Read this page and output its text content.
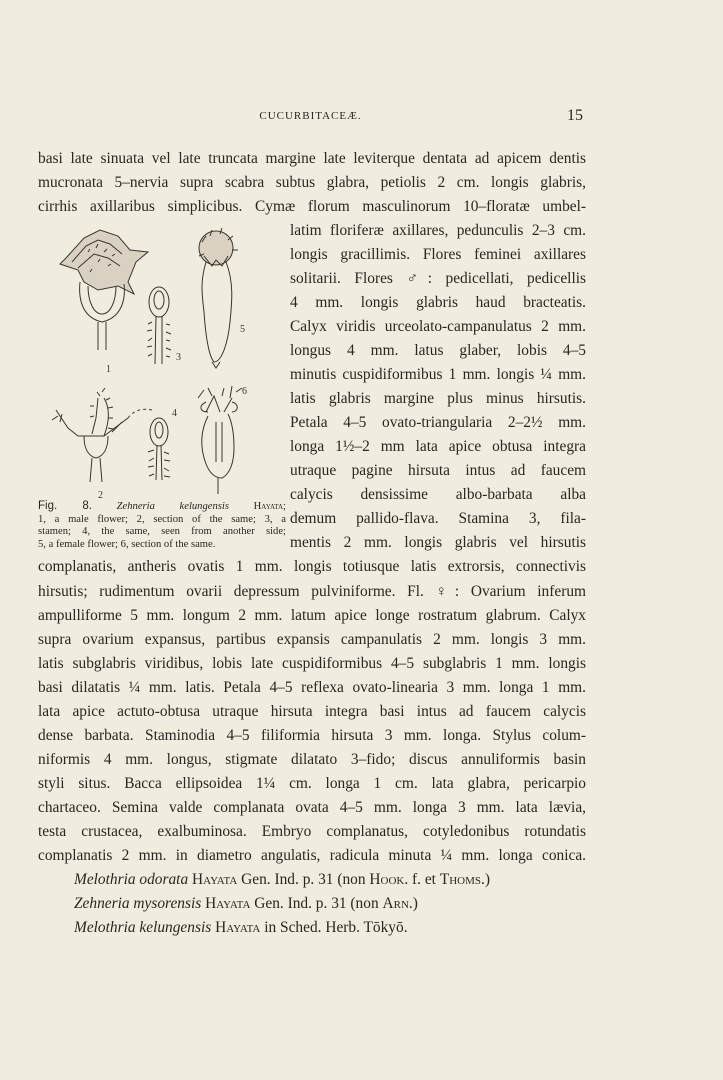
CUCURBITACEÆ.	15
basi late sinuata vel late truncata margine late leviterque dentata ad apicem dentis
mucronata 5–nervia supra scabra subtus glabra, petiolis 2 cm. longis glabris,
cirrhis axillaribus simplicibus. Cymæ florum masculinorum 10–floratæ umbel-
1
2
3
4
5
6
Fig. 8. Zehneria kelungensis Hayata;
1, a male flower; 2, section of the same; 3, a
stamen; 4, the same, seen from another side;
5, a female flower; 6, section of the same.
latim floriferæ axillares, pedunculis 2–3 cm.
longis gracillimis. Flores feminei axillares
solitarii. Flores ♂: pedicellati, pedicellis
4 mm. longis glabris haud bracteatis.
Calyx viridis urceolato-campanulatus 2 mm.
longus 4 mm. latus glaber, lobis 4–5
minutis cuspidiformibus 1 mm. longis ¼ mm.
latis glabris margine plus minus hirsutis.
Petala 4–5 ovato-triangularia 2–2½ mm.
longa 1½–2 mm lata apice obtusa integra
utraque pagine hirsuta intus ad faucem
calycis densissime albo-barbata alba
demum pallido-flava. Stamina 3, fila-
mentis 2 mm. longis glabris vel hirsutis
complanatis, antheris ovatis 1 mm. longis totiusque latis extrorsis, connectivis
hirsutis; rudimentum ovarii depressum pulviniforme. Fl. ♀: Ovarium inferum
ampulliforme 5 mm. longum 2 mm. latum apice longe rostratum glabrum. Calyx
supra ovarium expansus, partibus expansis campanulatis 2 mm. longis 3 mm.
latis subglabris viridibus, lobis late cuspidiformibus 4–5 subglabris 1 mm. longis
basi dilatatis ¼ mm. latis. Petala 4–5 reflexa ovato-linearia 3 mm. longa 1 mm.
lata apice actuto-obtusa utraque hirsuta integra basi intus ad faucem calycis
dense barbata. Staminodia 4–5 filiformia hirsuta 3 mm. longa. Stylus colum-
niformis 4 mm. longus, stigmate dilatato 3–fido; discus annuliformis basin
styli situs. Bacca ellipsoidea 1¼ cm. longa 1 cm. lata glabra, pericarpio
chartaceo. Semina valde complanata ovata 4–5 mm. longa 3 mm. lata lævia,
testa crustacea, exalbuminosa. Embryo complanatus, cotyledonibus rotundatis
complanatis 2 mm. in diametro angulatis, radicula minuta ¼ mm. longa conica.
Melothria odorata Hayata Gen. Ind. p. 31 (non Hook. f. et Thoms.)
Zehneria mysorensis Hayata Gen. Ind. p. 31 (non Arn.)
Melothria kelungensis Hayata in Sched. Herb. Tōkyō.
